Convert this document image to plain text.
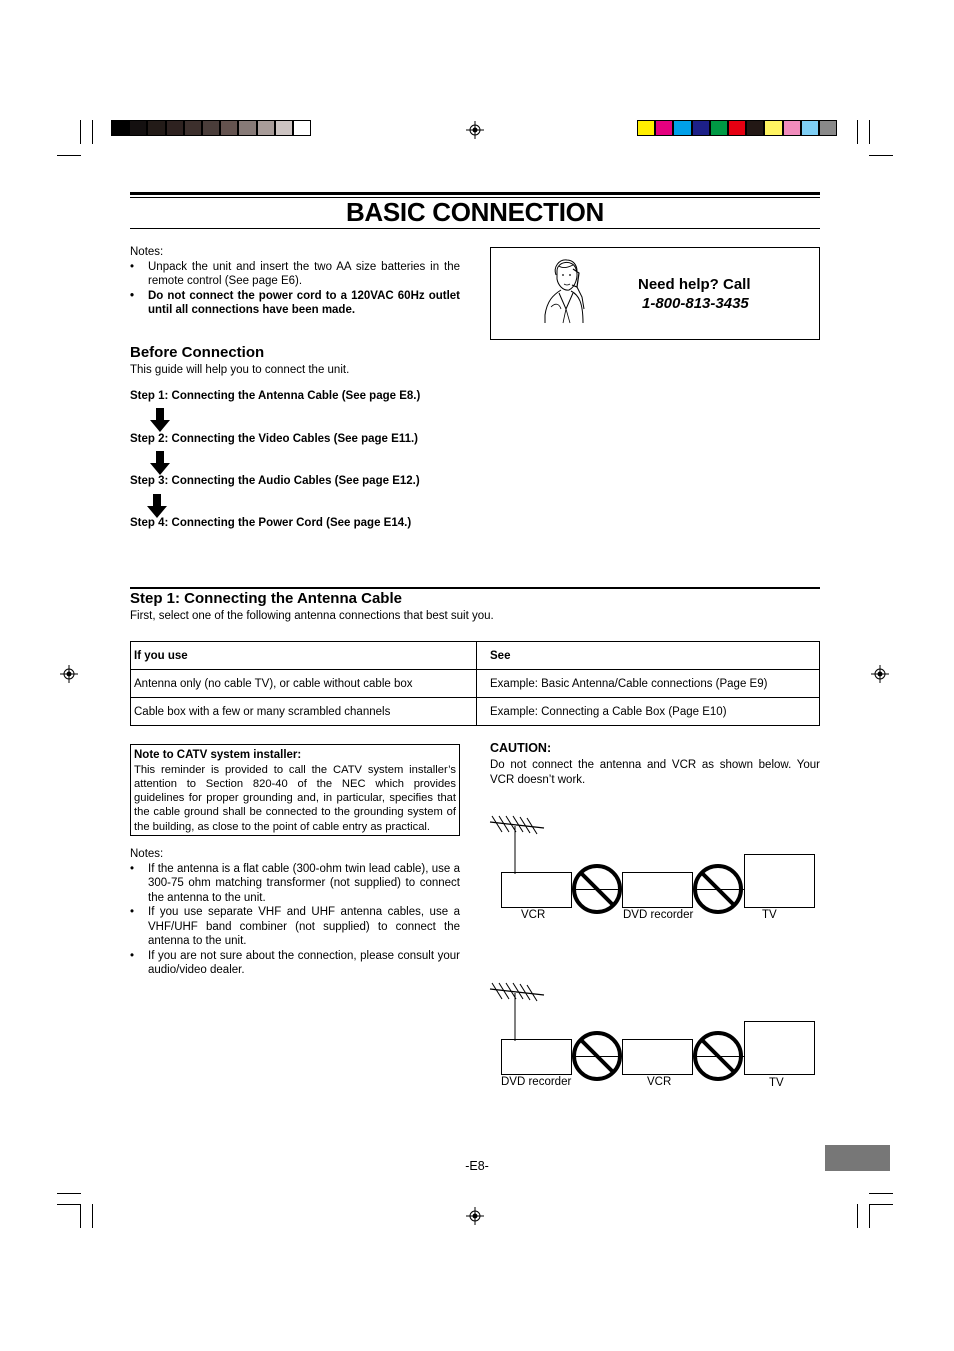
BASIC CONNECTION
Notes:
• Unpack the unit and insert the two AA size batteries in the remote control (See page E6).
• Do not connect the power cord to a 120VAC 60Hz outlet until all connections have been made.
Need help? Call
1-800-813-3435
Before Connection
This guide will help you to connect the unit.
Step 1: Connecting the Antenna Cable (See page E8.)
Step 2: Connecting the Video Cables (See page E11.)
Step 3: Connecting the Audio Cables (See page E12.)
Step 4: Connecting the Power Cord (See page E14.)
Step 1: Connecting the Antenna Cable
First, select one of the following antenna connections that best suit you.
If you use	See
Antenna only (no cable TV), or cable without cable box	Example: Basic Antenna/Cable connections (Page E9)
Cable box with a few or many scrambled channels	Example: Connecting a Cable Box (Page E10)
Note to CATV system installer:
This reminder is provided to call the CATV system installer’s attention to Section 820-40 of the NEC which provides guidelines for proper grounding and, in particular, specifies that the cable ground shall be connected to the grounding system of the building, as close to the point of cable entry as practical.
Notes:
• If the antenna is a flat cable (300-ohm twin lead cable), use a 300-75 ohm matching transformer (not supplied) to connect the antenna to the unit.
• If you use separate VHF and UHF antenna cables, use a VHF/UHF band combiner (not supplied) to connect the antenna to the unit.
• If you are not sure about the connection, please consult your audio/video dealer.
CAUTION:
Do not connect the antenna and VCR as shown below. Your VCR doesn’t work.
VCR	DVD recorder	TV
DVD recorder	VCR	TV
-E8-
